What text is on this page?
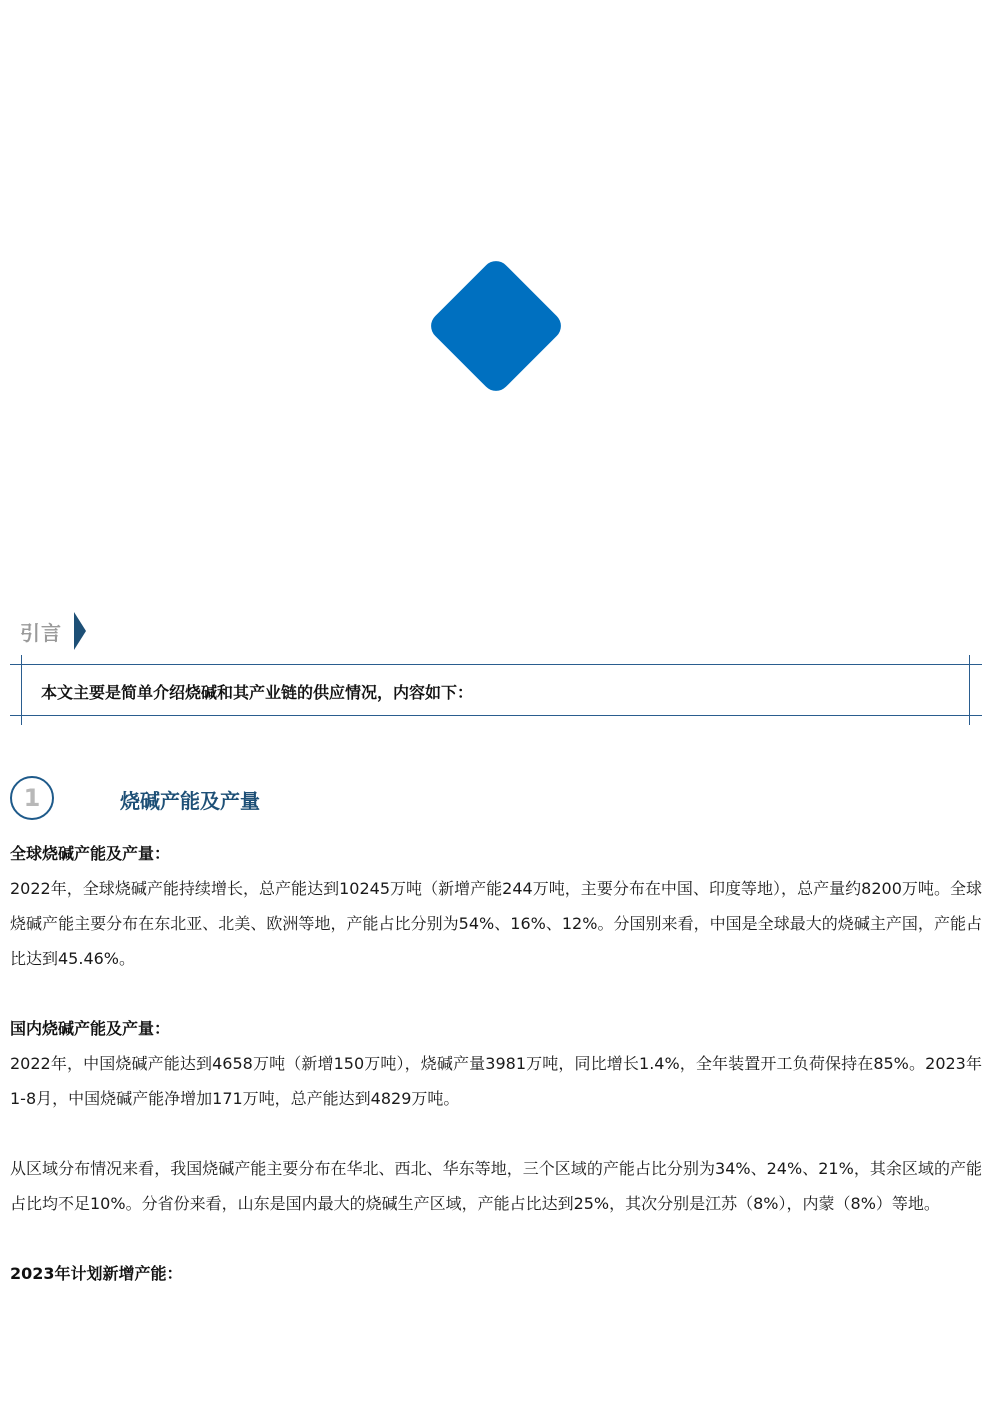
引言
本文主要是简单介绍烧碱和其产业链的供应情况，内容如下：
1	烧碱产能及产量

全球烧碱产能及产量：

2022年，全球烧碱产能持续增长，总产能达到10245万吨（新增产能244万吨，主要分布在中国、印度等地），总产量约8200万吨。全球烧碱产能主要分布在东北亚、北美、欧洲等地，产能占比分别为54%、16%、12%。分国别来看，中国是全球最大的烧碱主产国，产能占比达到45.46%。

国内烧碱产能及产量：

2022年，中国烧碱产能达到4658万吨（新增150万吨），烧碱产量3981万吨，同比增长1.4%，全年装置开工负荷保持在85%。2023年1-8月，中国烧碱产能净增加171万吨，总产能达到4829万吨。

从区域分布情况来看，我国烧碱产能主要分布在华北、西北、华东等地，三个区域的产能占比分别为34%、24%、21%，其余区域的产能占比均不足10%。分省份来看，山东是国内最大的烧碱生产区域，产能占比达到25%，其次分别是江苏（8%），内蒙（8%）等地。

2023年计划新增产能：
